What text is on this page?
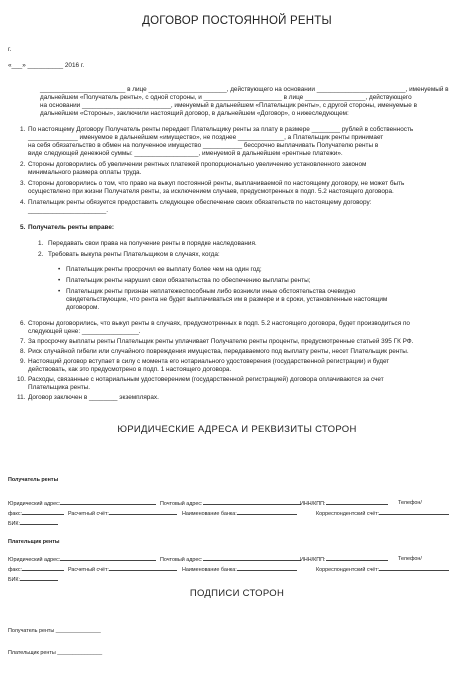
ДОГОВОР ПОСТОЯННОЙ РЕНТЫ
г.
«___» __________ 2016 г.
________________________ в лице ______________________, действующего на основании _________________________, именуемый в
дальнейшем «Получатель ренты», с одной стороны, и ______________________ в лице _________________, действующего
на основании _________________________, именуемый в дальнейшем «Плательщик ренты», с другой стороны, именуемые в
дальнейшем «Стороны», заключили настоящий договор, в дальнейшем «Договор», о нижеследующем:
1. По настоящему Договору Получатель ренты передает Плательщику ренты за плату в размере ________ рублей в собственность
______________ именуемое в дальнейшем «имущество», не позднее _____________, а Плательщик ренты принимает
на себя обязательство в обмен на полученное имущество ___________ бессрочно выплачивать Получателю ренты в
виде следующей денежной суммы: __________________, именуемой в дальнейшем «рентные платежи».
2. Стороны договорились об увеличении рентных платежей пропорционально увеличению установленного законом
минимального размера оплаты труда.
3. Стороны договорились о том, что право на выкуп постоянной ренты, выплачиваемой по настоящему договору, не может быть
осуществлено при жизни Получателя ренты, за исключением случаев, предусмотренных в подп. 5.2 настоящего договора.
4. Плательщик ренты обязуется предоставить следующее обеспечение своих обязательств по настоящему договору:
______________________.
5. Получатель ренты вправе:
1. Передавать свои права на получение ренты в порядке наследования.
2. Требовать выкупа ренты Плательщиком в случаях, когда:
• Плательщик ренты просрочил ее выплату более чем на один год;
• Плательщик ренты нарушил свои обязательства по обеспечению выплаты ренты;
• Плательщик ренты признан неплатежеспособным либо возникли иные обстоятельства очевидно
свидетельствующие, что рента не будет выплачиваться им в размере и в сроки, установленные настоящим
договором.
6. Стороны договорились, что выкуп ренты в случаях, предусмотренных в подп. 5.2 настоящего договора, будет производиться по
следующей цене: ________________.
7. За просрочку выплаты ренты Плательщик ренты уплачивает Получателю ренты проценты, предусмотренные статьей 395 ГК РФ.
8. Риск случайной гибели или случайного повреждения имущества, передаваемого под выплату ренты, несет Плательщик ренты.
9. Настоящий договор вступает в силу с момента его нотариального удостоверения (государственной регистрации) и будет
действовать, как это предусмотрено в подп. 1 настоящего договора.
10. Расходы, связанные с нотариальным удостоверением (государственной регистрацией) договора оплачиваются за счет
Плательщика ренты.
11. Договор заключен в ________ экземплярах.
ЮРИДИЧЕСКИЕ АДРЕСА И РЕКВИЗИТЫ СТОРОН
Получатель ренты
Юридический адрес:	Почтовый адрес:	ИНН/КПП:	Телефон/
факс:	Расчетный счёт:	Наименование банка:	Корреспондентский счёт:
БИК:
Плательщик ренты
Юридический адрес:	Почтовый адрес:	ИНН/КПП:	Телефон/
факс:	Расчетный счёт:	Наименование банка:	Корреспондентский счёт:
БИК:
ПОДПИСИ СТОРОН
Получатель ренты _______________
Плательщик ренты _______________
